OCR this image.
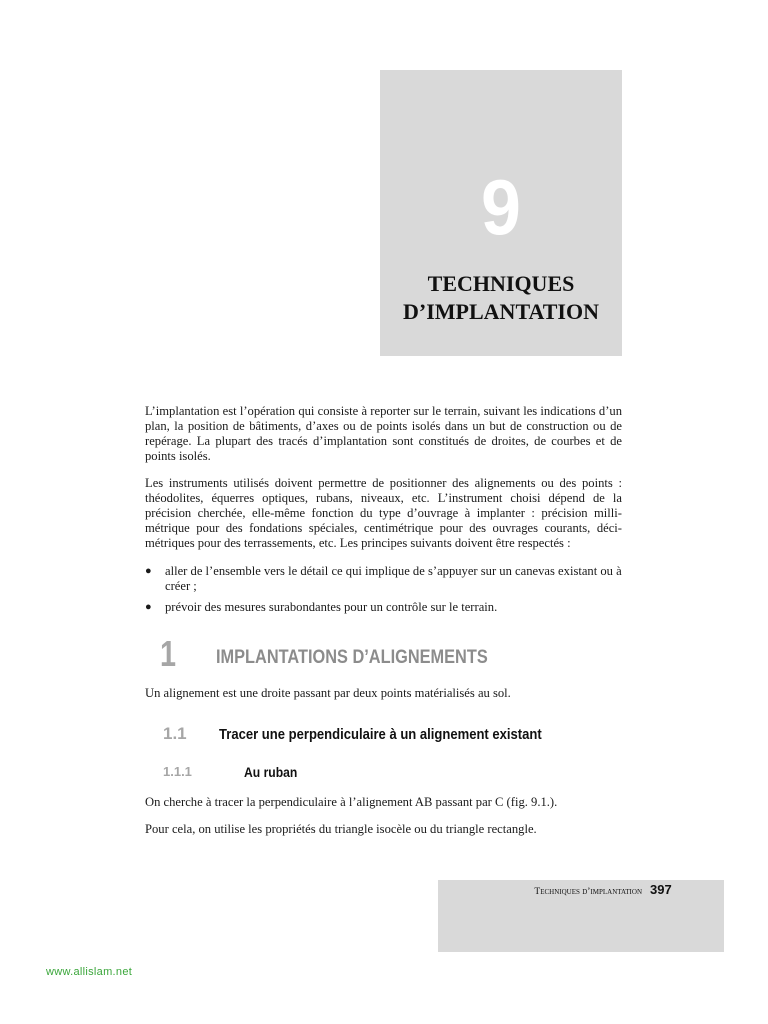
9
TECHNIQUES
D’IMPLANTATION

L’implantation est l’opération qui consiste à reporter sur le terrain, suivant les indications d’un plan, la position de bâtiments, d’axes ou de points isolés dans un but de construction ou de repérage. La plupart des tracés d’implantation sont constitués de droites, de courbes et de points isolés.

Les instruments utilisés doivent permettre de positionner des alignements ou des points : théodolites, équerres optiques, rubans, niveaux, etc. L’instrument choisi dépend de la précision cherchée, elle-même fonction du type d’ouvrage à implanter : précision milli-métrique pour des fondations spéciales, centimétrique pour des ouvrages courants, déci-métriques pour des terrassements, etc. Les principes suivants doivent être respectés :

● aller de l’ensemble vers le détail ce qui implique de s’appuyer sur un canevas existant ou à créer ;
● prévoir des mesures surabondantes pour un contrôle sur le terrain.
1 IMPLANTATIONS D’ALIGNEMENTS

Un alignement est une droite passant par deux points matérialisés au sol.

1.1 Tracer une perpendiculaire à un alignement existant
1.1.1	Au ruban

On cherche à tracer la perpendiculaire à l’alignement AB passant par C (fig. 9.1.).

Pour cela, on utilise les propriétés du triangle isocèle ou du triangle rectangle.

Techniques d’implantation 397
www.allislam.net
